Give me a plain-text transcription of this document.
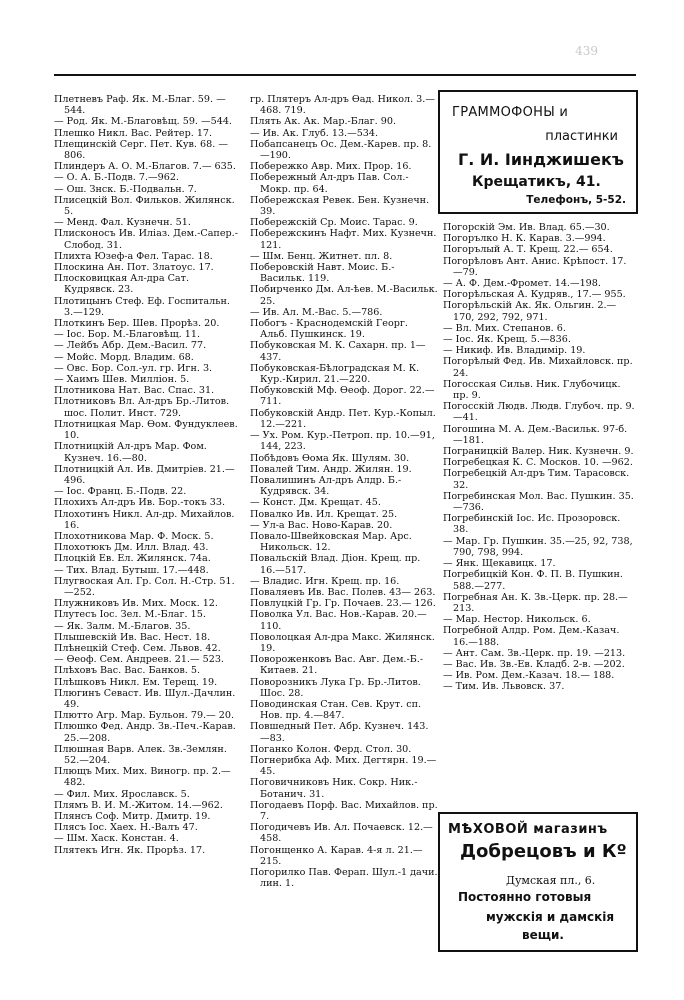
439

Плетневъ Раф. Як. М.-Благ. 59. —544.

— Род. Як. М.-Благовѣщ. 59. —544.

Плешко Никл. Вас. Рейтер. 17.

Плещинскій Серг. Пет. Кув. 68. —806.

Плиндеръ А. О. М.-Благов. 7.— 635.

— О. А. Б.-Подв. 7.—962.

— Ош. Знск. Б.-Подвальн. 7.

Плисецкій Вол. Фильков. Жилянск. 5.

— Менд. Фал. Кузнечн. 51.

Плисконосъ Ив. Иліаз. Дем.-Сапер.-Слобод. 31.

Плихта Юзеф-а Фел. Тарас. 18.

Плоскина Ан. Пот. Златоус. 17.

Плосковицкая Ал-дра Сат. Кудрявск. 23.

Плотицынъ Стеф. Еф. Госпитальн. 3.—129.

Плоткинъ Бер. Шев. Прорѣз. 20.

— Іос. Бор. М.-Благовѣщ. 11.

— Лейбъ Абр. Дем.-Васил. 77.

— Мойс. Морд. Владим. 68.

— Овс. Бор. Сол.-ул. гр. Игн. 3.

— Хаимъ Шев. Милліон. 5.

Плотникова Нат. Вас. Спас. 31.

Плотниковъ Вл. Ал-дръ Бр.-Литов. шос. Полит. Инст. 729.

Плотницкая Мар. Ѳом. Фундуклеев. 10.

Плотницкій Ал-дръ Мар. Фом. Кузнеч. 16.—80.

Плотницкій Ал. Ив. Дмитріев. 21.—496.

— Іос. Франц. Б.-Подв. 22.

Плохихъ Ал-дръ Ив. Бор.-токъ 33.

Плохотинъ Никл. Ал-др. Михайлов. 16.

Плохотникова Мар. Ф. Моск. 5.

Плохотюкъ Дм. Илл. Влад. 43.

Плоцкій Ев. Ел. Жилянск. 74а.

— Тих. Влад. Бутыш. 17.—448.

Плугвоская Ал. Гр. Сол. Н.-Стр. 51.—252.

Плужниковъ Ив. Мих. Моск. 12.

Плутесъ Іос. Зел. М.-Благ. 15.

— Як. Залм. М.-Благов. 35.

Плышевскій Ив. Вас. Нест. 18.

Плѣнецкій Стеф. Сем. Львов. 42.

— Ѳеоф. Сем. Андреев. 21.— 523.

Плѣховъ Вас. Вас. Банков. 5.

Плѣшковъ Никл. Ем. Терещ. 19.

Плюгинъ Севаст. Ив. Шул.-Дачлин. 49.

Плютто Агр. Мар. Бульон. 79.— 20.

Плюшко Фед. Андр. Зв.-Печ.-Карав. 25.—208.

Плюшная Варв. Алек. Зв.-Землян. 52.—204.

Плющъ Мих. Мих. Виногр. пр. 2.—482.

— Фил. Мих. Ярославск. 5.

Плямъ В. И. М.-Житом. 14.—962.

Плянсъ Соф. Митр. Дмитр. 19.

Плясъ Іос. Хаех. Н.-Валъ 47.

— Шм. Хаск. Констан. 4.

Плятекъ Игн. Як. Прорѣз. 17.

гр. Плятеръ Ал-дръ Ѳад. Никол. 3.—468. 719.

Плять Ак. Ак. Мар.-Благ. 90.

— Ив. Ак. Глуб. 13.—534.

Побапсанецъ Ос. Дем.-Карев. пр. 8.—190.

Побережко Авр. Мих. Прор. 16.

Побережный Ал-дръ Пав. Сол.-Мокр. пр. 64.

Побережская Ревек. Бен. Кузнечн. 39.

Побережскій Ср. Моис. Тарас. 9.

Побережскинъ Нафт. Мих. Кузнечн. 121.

— Шм. Бенц. Житнет. пл. 8.

Поберовскій Навт. Моис. Б.-Васильк. 119.

Побирченко Дм. Ал-ѣев. М.-Васильк. 25.

— Ив. Ал. М.-Вас. 5.—786.

Побогъ - Краснодемскій Георг. Альб. Пушкинск. 19.

Побуковская М. К. Сахарн. пр. 1—437.

Побуковская-Бѣлоградская М. К. Кур.-Кирил. 21.—220.

Побуковскій Мф. Ѳеоф. Дорог. 22.—711.

Побуковскій Андр. Пет. Кур.-Копыл. 12.—221.

— Ух. Ром. Кур.-Петроп. пр. 10.—91, 144, 223.

Побѣдовъ Ѳома Як. Шулям. 30.

Повалей Тим. Андр. Жилян. 19.

Повалишинъ Ал-дръ Алдр. Б.-Кудрявск. 34.

— Конст. Дм. Крещат. 45.

Повалко Ив. Ил. Крещат. 25.

— Ул-а Вас. Ново-Карав. 20.

Повало-Швейковская Мар. Арс. Никольск. 12.

Повальскій Влад. Діон. Крещ. пр. 16.—517.

— Владис. Игн. Крещ. пр. 16.

Поваляевъ Ив. Вас. Полев. 43— 263.

Повлуцкій Гр. Гр. Почаев. 23.— 126.

Поволка Ул. Вас. Нов.-Карав. 20.—110.

Поволоцкая Ал-дра Макс. Жилянск. 19.

Повороженковъ Вас. Авг. Дем.-Б.-Китаев. 21.

Поворозникъ Лука Гр. Бр.-Литов. Шос. 28.

Поводинская Стан. Сев. Крут. сп. Нов. пр. 4.—847.

Повшедный Пет. Абр. Кузнеч. 143.—83.

Поганко Колон. Ферд. Стол. 30.

Погнерибка Аф. Мих. Дегтярн. 19.—45.

Поговичниковъ Ник. Сокр. Ник.-Ботанич. 31.

Погодаевъ Порф. Вас. Михайлов. пр. 7.

Погодичевъ Ив. Ал. Почаевск. 12.—458.

Погонщенко А. Карав. 4-я л. 21.—215.

Погорилко Пав. Ферап. Шул.-1 дачи. лин. 1.

ГРАММОФОНЫ и
пластинки
Г. И. Іинджишекъ
Крещатикъ, 41.
Телефонъ, 5-52.

Погорскій Эм. Ив. Влад. 65.—30.

Погорълко Н. К. Карав. 3.—994.

Погорълый А. Т. Крещ. 22.— 654.

Погорѣловъ Ант. Анис. Крѣпост. 17.—79.

— А. Ф. Дем.-Фромет. 14.—198.

Погорѣльская А. Кудряв., 17.— 955.

Погорѣльскій Ак. Як. Ольгин. 2.—170, 292, 792, 971.

— Вл. Мих. Степанов. 6.

— Іос. Як. Крещ. 5.—836.

— Никиф. Ив. Владимір. 19.

Погорѣлый Фед. Ив. Михайловск. пр. 24.

Погосская Сильв. Ник. Глубочицк. пр. 9.

Погосскій Людв. Людв. Глубоч. пр. 9.—41.

Погошина М. А. Дем.-Васильк. 97-б.—181.

Пограницкій Валер. Ник. Кузнечн. 9.

Погребецкая К. С. Москов. 10. —962.

Погребецкій Ал-дръ Тим. Тарасовск. 32.

Погребинская Мол. Вас. Пушкин. 35.—736.

Погребинскій Іос. Ис. Прозоровск. 38.

— Мар. Гр. Пушкин. 35.—25, 92, 738, 790, 798, 994.

— Янк. Щекавицк. 17.

Погребицкій Кон. Ф. П. В. Пушкин. 588.—277.

Погребная Ан. К. Зв.-Церк. пр. 28.—213.

— Мар. Нестор. Никольск. 6.

Погребной Алдр. Ром. Дем.-Казач. 16.—188.

— Ант. Сам. Зв.-Церк. пр. 19. —213.

— Вас. Ив. Зв.-Ев. Кладб. 2-в. —202.

— Ив. Ром. Дем.-Казач. 18.— 188.

— Тим. Ив. Львовск. 37.

МѢХОВОЙ магазинъ
Добрецовъ и Кº
Думская пл., 6.
Постоянно готовыя
мужскія и дамскія
вещи.
